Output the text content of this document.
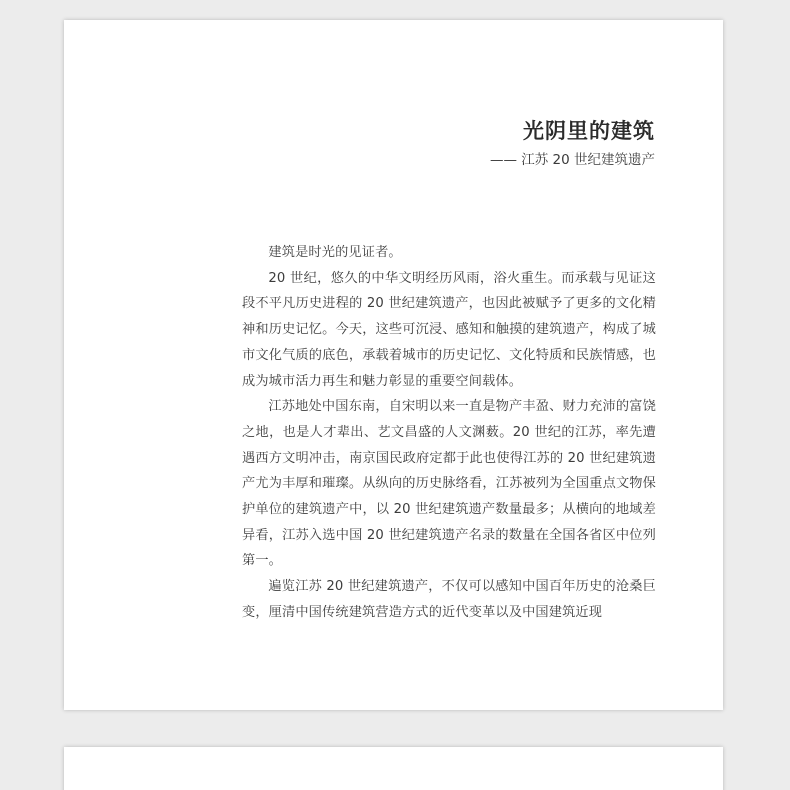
光阴里的建筑
—— 江苏 20 世纪建筑遗产

建筑是时光的见证者。

20 世纪，悠久的中华文明经历风雨，浴火重生。而承载与见证这段不平凡历史进程的 20 世纪建筑遗产，也因此被赋予了更多的文化精神和历史记忆。今天，这些可沉浸、感知和触摸的建筑遗产，构成了城市文化气质的底色，承载着城市的历史记忆、文化特质和民族情感，也成为城市活力再生和魅力彰显的重要空间载体。

江苏地处中国东南，自宋明以来一直是物产丰盈、财力充沛的富饶之地，也是人才辈出、艺文昌盛的人文渊薮。20 世纪的江苏，率先遭遇西方文明冲击，南京国民政府定都于此也使得江苏的 20 世纪建筑遗产尤为丰厚和璀璨。从纵向的历史脉络看，江苏被列为全国重点文物保护单位的建筑遗产中，以 20 世纪建筑遗产数量最多；从横向的地域差异看，江苏入选中国 20 世纪建筑遗产名录的数量在全国各省区中位列第一。

遍览江苏 20 世纪建筑遗产，不仅可以感知中国百年历史的沧桑巨变，厘清中国传统建筑营造方式的近代变革以及中国建筑近现
